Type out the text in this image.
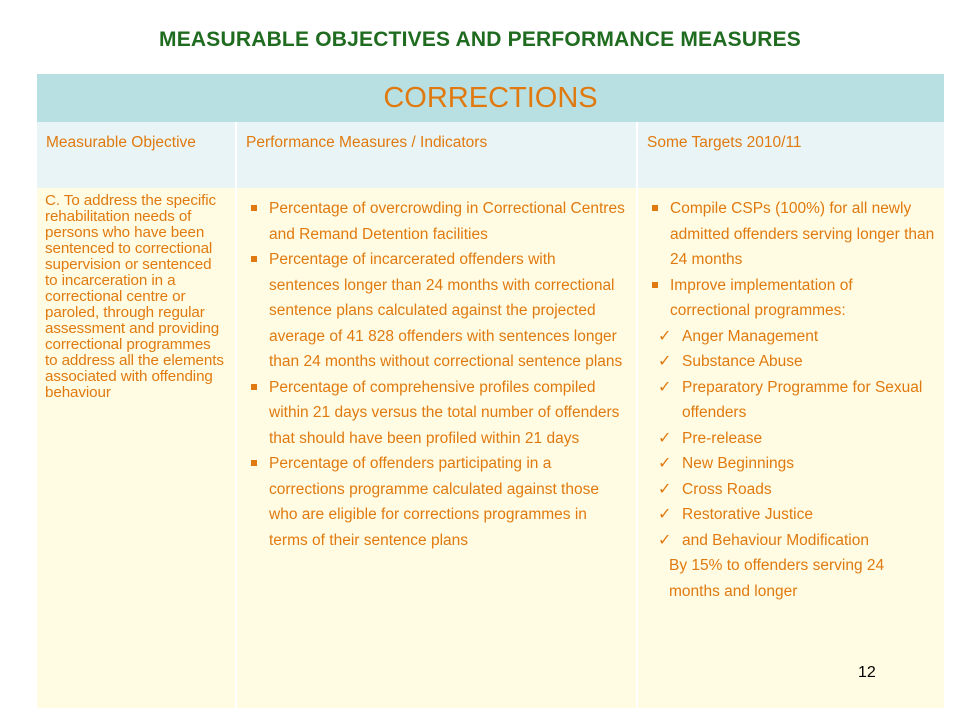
MEASURABLE OBJECTIVES AND PERFORMANCE MEASURES
CORRECTIONS
Measurable Objective	Performance Measures / Indicators	Some Targets 2010/11
C. To address the specific rehabilitation needs of persons who have been sentenced to correctional supervision or sentenced to incarceration in a correctional centre or paroled, through regular assessment and providing correctional programmes to address all the elements associated with offending behaviour
Percentage of overcrowding in Correctional Centres and Remand Detention facilities
Percentage of incarcerated offenders with sentences longer than 24 months with correctional sentence plans calculated against the projected average of 41 828 offenders with sentences longer than 24 months without correctional sentence plans
Percentage of comprehensive profiles compiled within 21 days versus the total number of offenders that should have been profiled within 21 days
Percentage of offenders participating in a corrections programme calculated against those who are eligible for corrections programmes in terms of their sentence plans
Compile CSPs (100%) for all newly admitted offenders serving longer than 24 months
Improve implementation of correctional programmes:
✓ Anger Management
✓ Substance Abuse
✓ Preparatory Programme for Sexual offenders
✓ Pre-release
✓ New Beginnings
✓ Cross Roads
✓ Restorative Justice
✓ and Behaviour Modification
By 15% to offenders serving 24 months and longer
12
